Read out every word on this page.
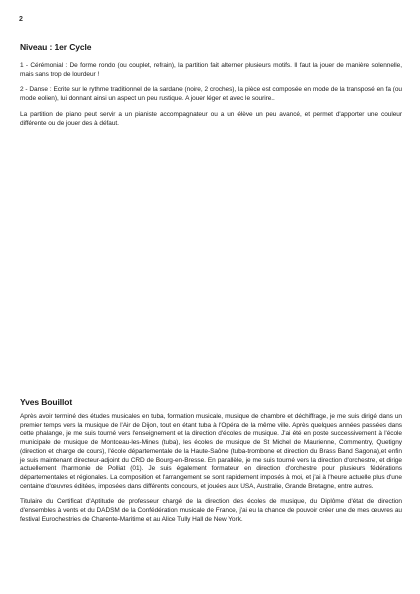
2
Niveau : 1er Cycle

1 - Cérémonial : De forme rondo (ou couplet, refrain), la partition fait alterner plusieurs motifs. Il faut la jouer de manière solennelle, mais sans trop de lourdeur !

2 - Danse : Ecrite sur le rythme traditionnel de la sardane (noire, 2 croches), la pièce est composée en mode de la transposé en fa (ou mode eolien), lui donnant ainsi un aspect un peu rustique. A jouer léger et avec le sourire..

La partition de piano peut servir a un pianiste accompagnateur ou a un élève un peu avancé, et permet d'apporter une couleur différente ou de jouer des à défaut.

Yves Bouillot

Après avoir terminé des études musicales en tuba, formation musicale, musique de chambre et déchiffrage, je me suis dirigé dans un premier temps vers la musique de l'Air de Dijon, tout en étant tuba à l'Opéra de la même ville. Après quelques années passées dans cette phalange, je me suis tourné vers l'enseignement et la direction d'écoles de musique. J'ai été en poste successivement à l'école municipale de musique de Montceau-les-Mines (tuba), les écoles de musique de St Michel de Maurienne, Commentry, Quetigny (direction et charge de cours), l'école départementale de la Haute-Saône (tuba-trombone et direction du Brass Band Sagona),et enfin je suis maintenant directeur-adjoint du CRD de Bourg-en-Bresse. En parallèle, je me suis tourné vers la direction d'orchestre, et dirige actuellement l'harmonie de Polliat (01). Je suis également formateur en direction d'orchestre pour plusieurs fédérations départementales et régionales. La composition et l'arrangement se sont rapidement imposés à moi, et j'ai à l'heure actuelle plus d'une centaine d'œuvres éditées, imposées dans différents concours, et jouées aux USA, Australie, Grande Bretagne, entre autres.

Titulaire du Certificat d'Aptitude de professeur chargé de la direction des écoles de musique, du Diplôme d'état de direction d'ensembles à vents et du DADSM de la Confédération musicale de France, j'ai eu la chance de pouvoir créer une de mes œuvres au festival Eurochestries de Charente-Maritime et au Alice Tully Hall de New York.
